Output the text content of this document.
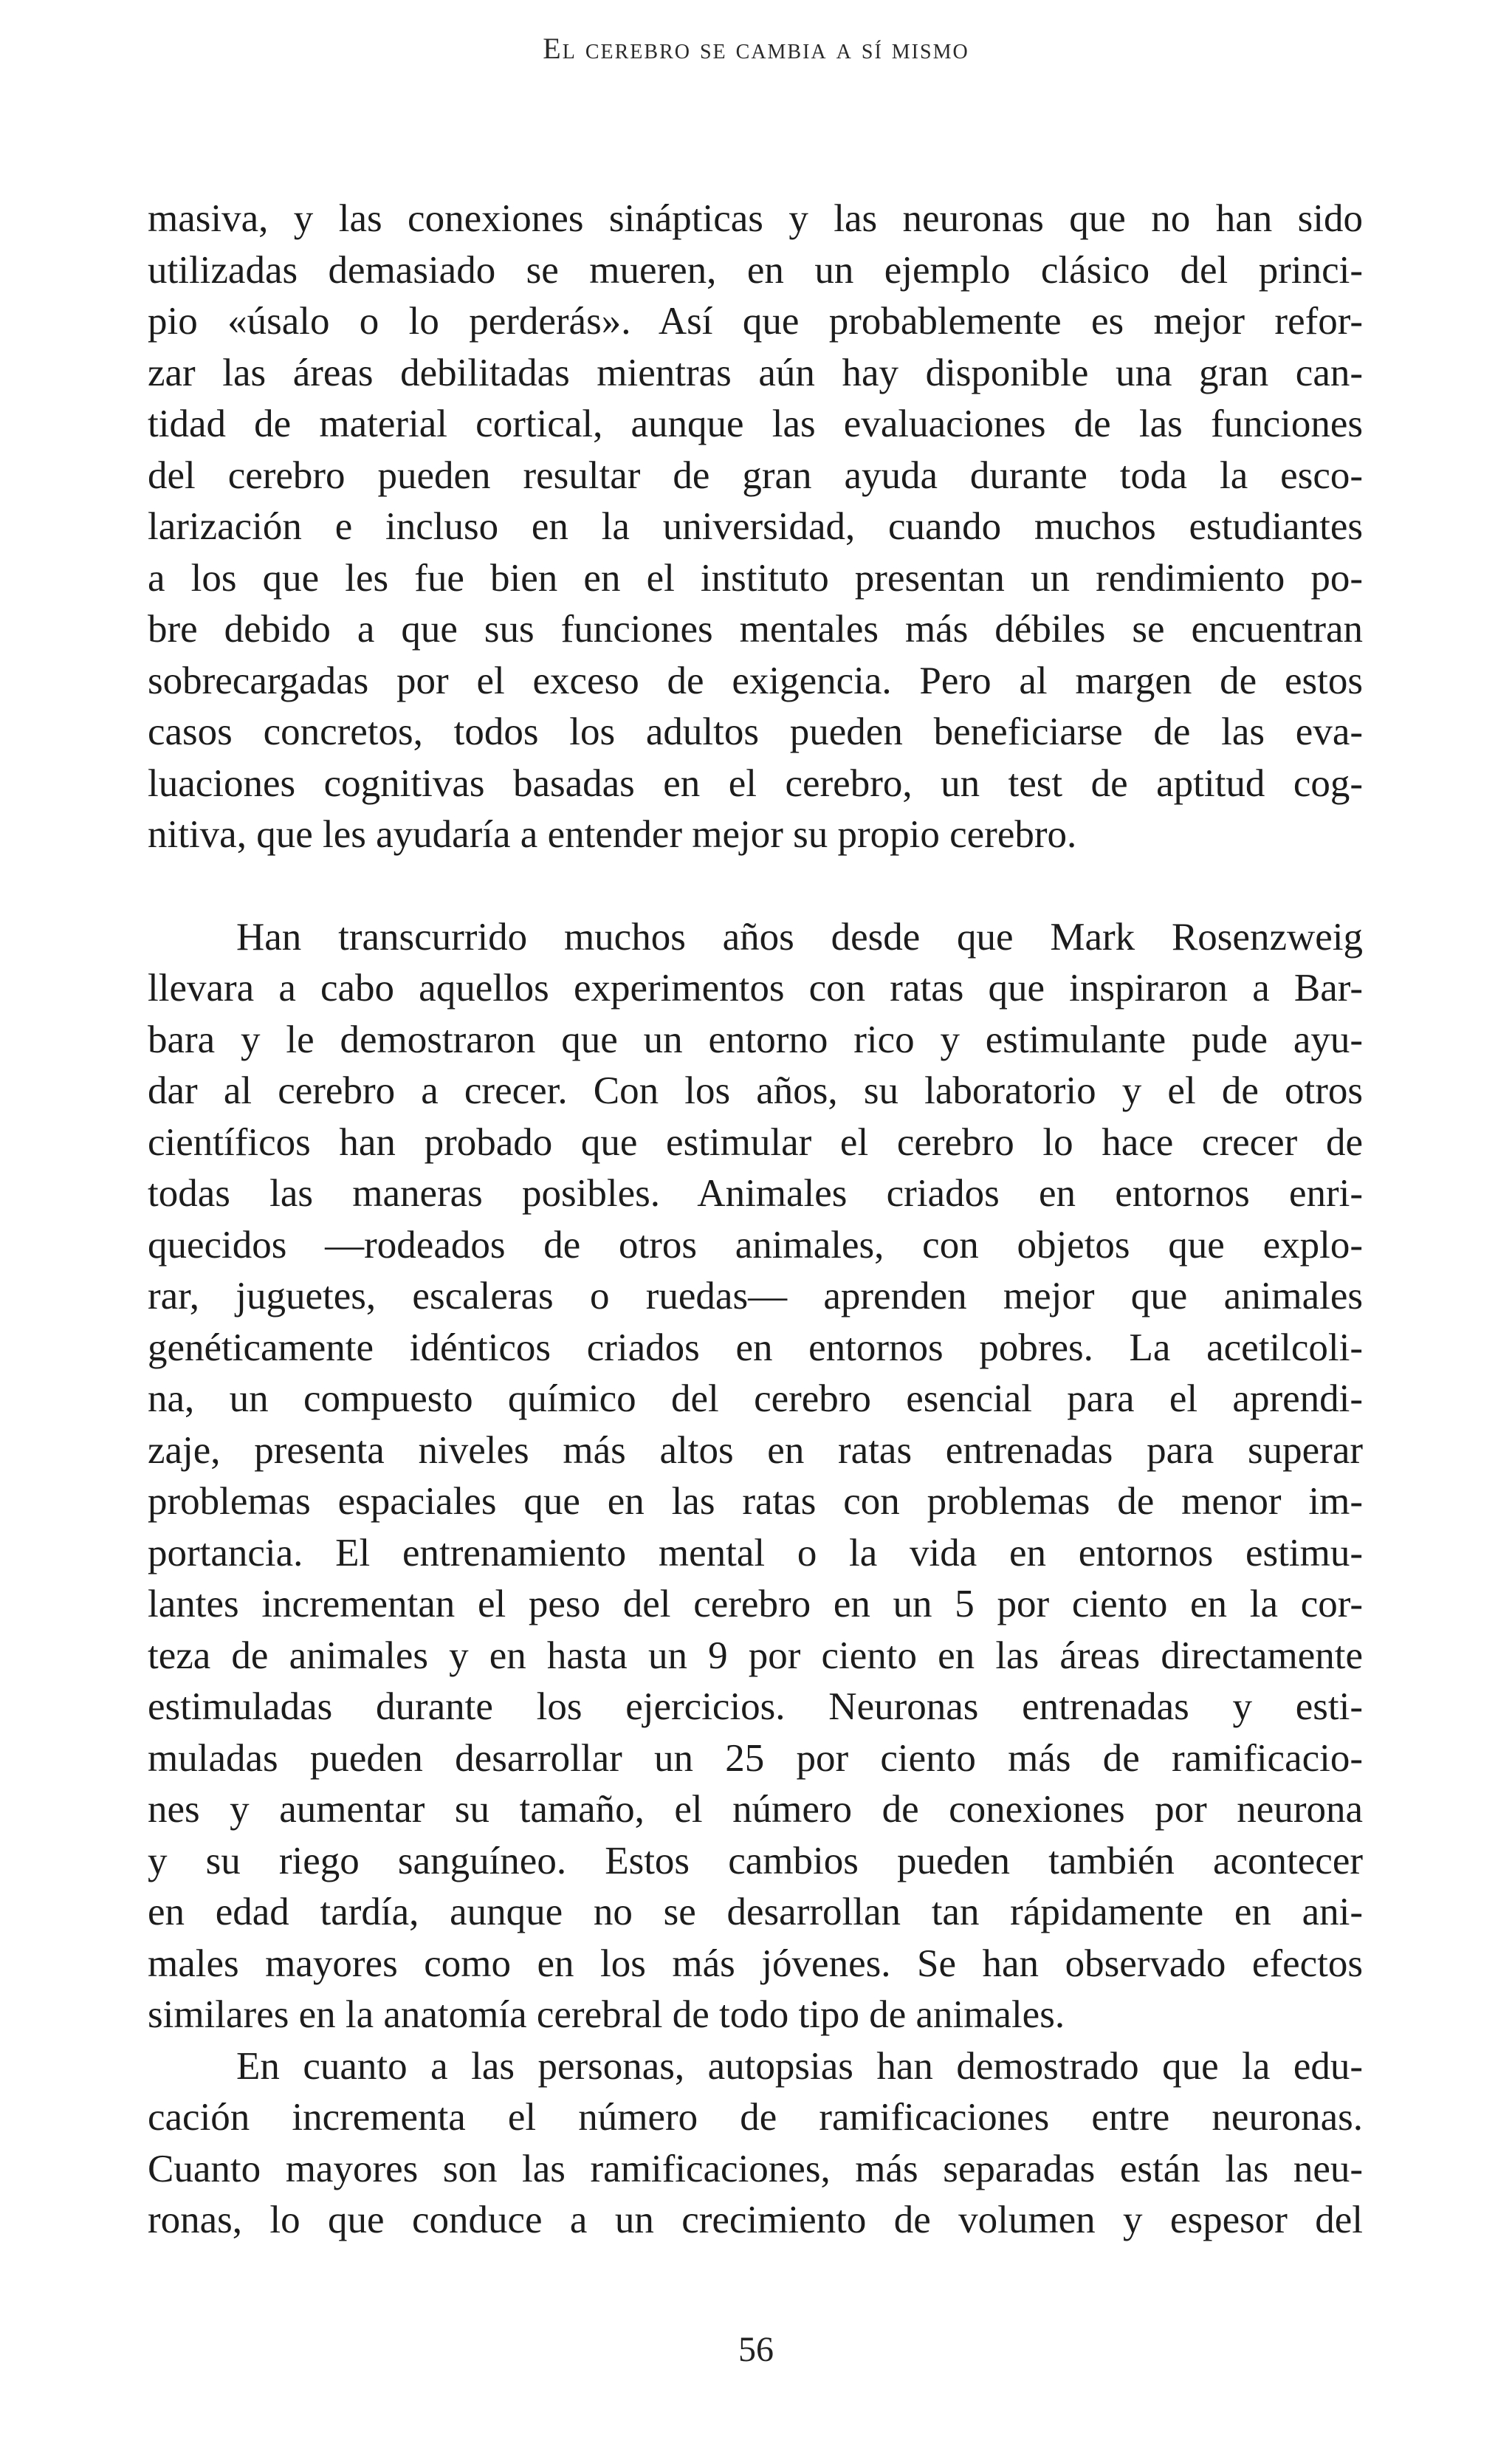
El cerebro se cambia a sí mismo
masiva, y las conexiones sinápticas y las neuronas que no han sido
utilizadas demasiado se mueren, en un ejemplo clásico del princi-
pio «úsalo o lo perderás». Así que probablemente es mejor refor-
zar las áreas debilitadas mientras aún hay disponible una gran can-
tidad de material cortical, aunque las evaluaciones de las funciones
del cerebro pueden resultar de gran ayuda durante toda la esco-
larización e incluso en la universidad, cuando muchos estudiantes
a los que les fue bien en el instituto presentan un rendimiento po-
bre debido a que sus funciones mentales más débiles se encuentran
sobrecargadas por el exceso de exigencia. Pero al margen de estos
casos concretos, todos los adultos pueden beneficiarse de las eva-
luaciones cognitivas basadas en el cerebro, un test de aptitud cog-
nitiva, que les ayudaría a entender mejor su propio cerebro.
Han transcurrido muchos años desde que Mark Rosenzweig
llevara a cabo aquellos experimentos con ratas que inspiraron a Bar-
bara y le demostraron que un entorno rico y estimulante pude ayu-
dar al cerebro a crecer. Con los años, su laboratorio y el de otros
científicos han probado que estimular el cerebro lo hace crecer de
todas las maneras posibles. Animales criados en entornos enri-
quecidos —rodeados de otros animales, con objetos que explo-
rar, juguetes, escaleras o ruedas— aprenden mejor que animales
genéticamente idénticos criados en entornos pobres. La acetilcoli-
na, un compuesto químico del cerebro esencial para el aprendi-
zaje, presenta niveles más altos en ratas entrenadas para superar
problemas espaciales que en las ratas con problemas de menor im-
portancia. El entrenamiento mental o la vida en entornos estimu-
lantes incrementan el peso del cerebro en un 5 por ciento en la cor-
teza de animales y en hasta un 9 por ciento en las áreas directamente
estimuladas durante los ejercicios. Neuronas entrenadas y esti-
muladas pueden desarrollar un 25 por ciento más de ramificacio-
nes y aumentar su tamaño, el número de conexiones por neurona
y su riego sanguíneo. Estos cambios pueden también acontecer
en edad tardía, aunque no se desarrollan tan rápidamente en ani-
males mayores como en los más jóvenes. Se han observado efectos
similares en la anatomía cerebral de todo tipo de animales.
En cuanto a las personas, autopsias han demostrado que la edu-
cación incrementa el número de ramificaciones entre neuronas.
Cuanto mayores son las ramificaciones, más separadas están las neu-
ronas, lo que conduce a un crecimiento de volumen y espesor del
56
